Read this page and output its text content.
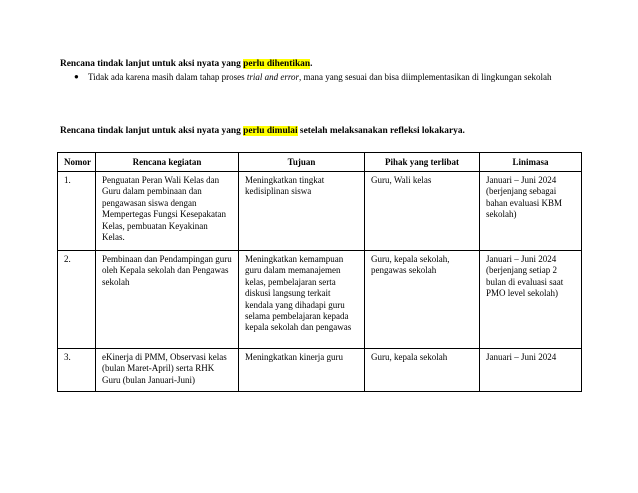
Rencana tindak lanjut untuk aksi nyata yang perlu dihentikan.
● Tidak ada karena masih dalam tahap proses trial and error, mana yang sesuai dan bisa diimplementasikan di lingkungan sekolah
Rencana tindak lanjut untuk aksi nyata yang perlu dimulai setelah melaksanakan refleksi lokakarya.
Nomor	Rencana kegiatan	Tujuan	Pihak yang terlibat	Linimasa
1.	Penguatan Peran Wali Kelas dan Guru dalam pembinaan dan pengawasan siswa dengan Mempertegas Fungsi Kesepakatan Kelas, pembuatan Keyakinan Kelas.	Meningkatkan tingkat kedisiplinan siswa	Guru, Wali kelas	Januari – Juni 2024 (berjenjang sebagai bahan evaluasi KBM sekolah)
2.	Pembinaan dan Pendampingan guru oleh Kepala sekolah dan Pengawas sekolah	Meningkatkan kemampuan guru dalam memanajemen kelas, pembelajaran serta diskusi langsung terkait kendala yang dihadapi guru selama pembelajaran kepada kepala sekolah dan pengawas	Guru, kepala sekolah, pengawas sekolah	Januari – Juni 2024 (berjenjang setiap 2 bulan di evaluasi saat PMO level sekolah)
3.	eKinerja di PMM, Observasi kelas (bulan Maret-April) serta RHK Guru (bulan Januari-Juni)	Meningkatkan kinerja guru	Guru, kepala sekolah	Januari – Juni 2024
